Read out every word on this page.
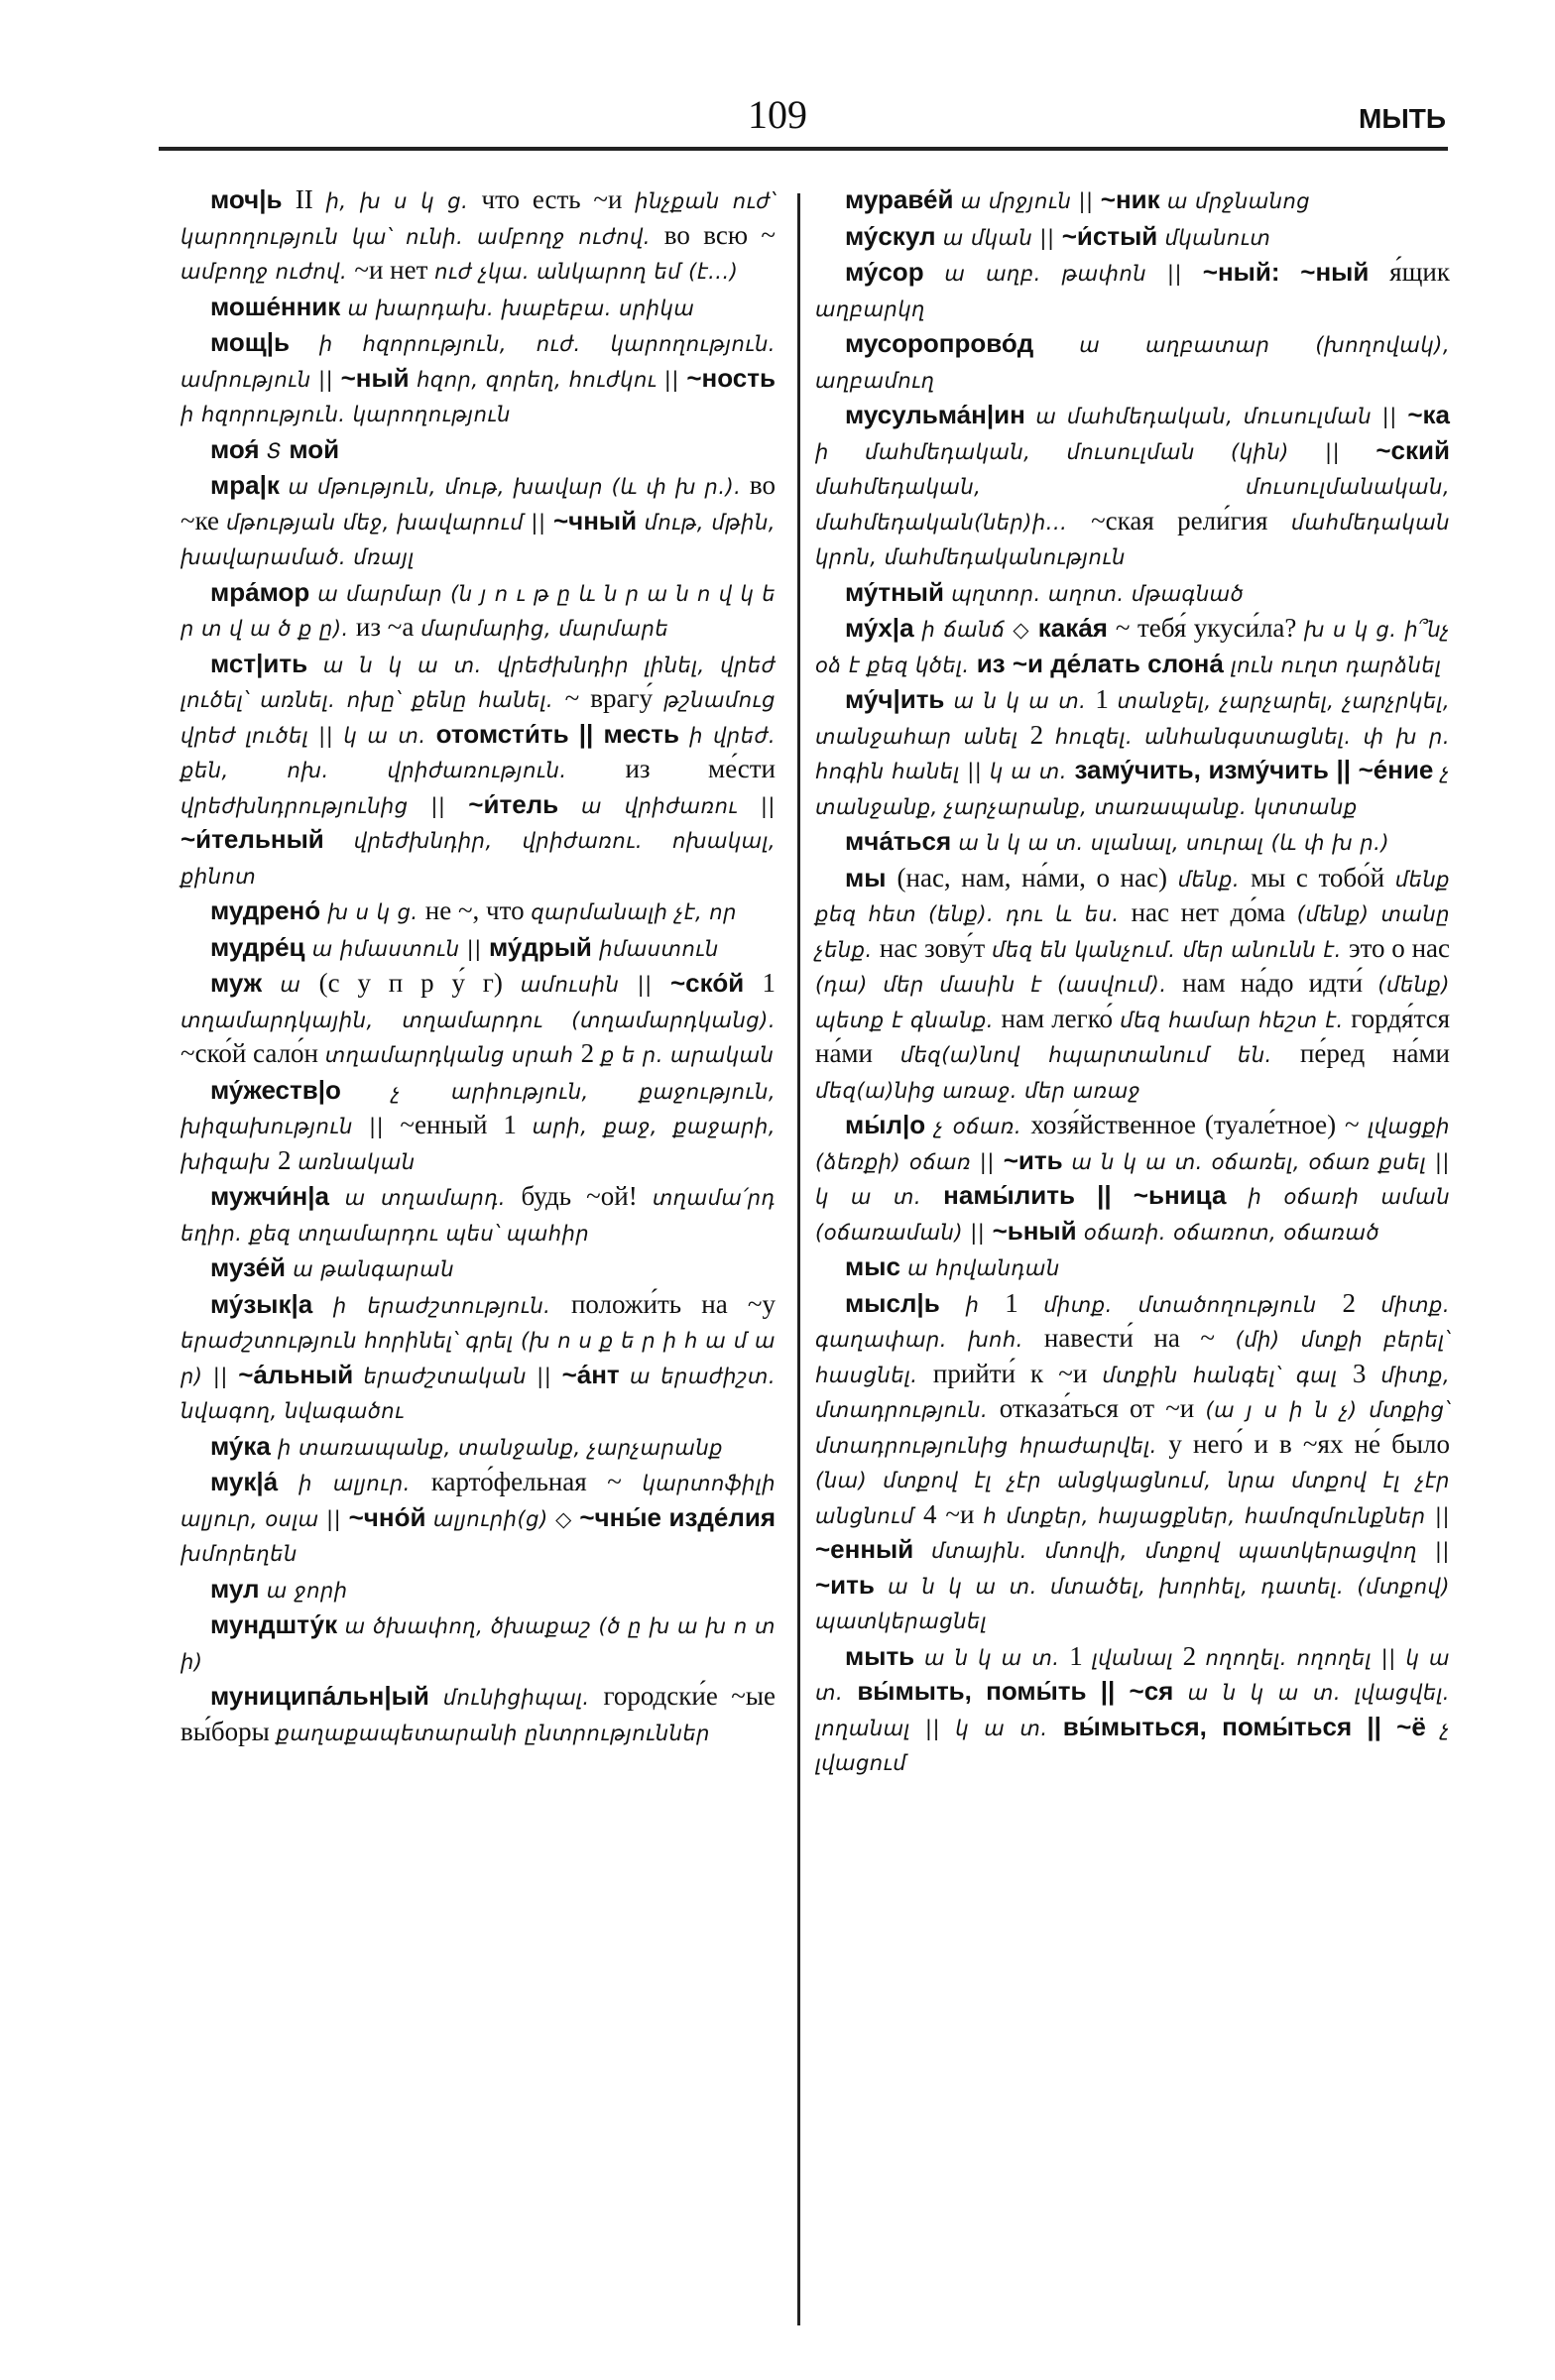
109	МЫТЬ

моч|ь II ի, խ ս կ ց. что есть ~и ինչքան ուժ՝ կարողություն կա՝ ունի. ամբողջ ուժով. во всю ~ ամբողջ ուժով. ~и нет ուժ չկա. անկարող եմ (է...)

моше́нник ա խարդախ. խաբեբա. սրիկա

мощ|ь ի հզորություն, ուժ. կարողություն. ամրություն || ~ный հզոր, զորեղ, հուժկու || ~ность ի հզորություն. կարողություն

моя́ Տ мой

мра|к ա մթություն, մութ, խավար (և փ խ ր.). во ~ке մթության մեջ, խավարում || ~чный մութ, մթին, խավարամած. մռայլ

мра́мор ա մարմար (ն յ ո ւ թ ը և ն ր ա ն ո վ կ ե ր տ վ ա ծ ք ը). из ~а մարմարից, մարմարե

мст|ить ա ն կ ա տ. վրեժխնդիր լինել, վրեժ լուծել՝ առնել. ոխը՝ քենը հանել. ~ врагу́ թշնամուց վրեժ լուծել || կ ա տ. отомсти́ть || месть ի վրեժ. քեն, ոխ. վրիժառություն. из ме́сти վրեժխնդրությունից || ~и́тель ա վրիժառու || ~и́тельный վրեժխնդիր, վրիժառու. ոխակալ, քինոտ

мудрено́ խ ս կ ց. не ~, что զարմանալի չէ, որ

мудре́ц ա իմաստուն || му́дрый իմաստուն

муж ա (с у п р у́ г) ամուսին || ~ско́й 1 տղամարդկային, տղամարդու (տղամարդկանց). ~ско́й сало́н տղամարդկանց սրահ 2 ք ե ր. արական

му́жеств|о չ արիություն, քաջություն, խիզախություն || ~енный 1 արի, քաջ, քաջարի, խիզախ 2 առնական

мужчи́н|а ա տղամարդ. будь ~ой! տղամա՛րդ եղիր. քեզ տղամարդու պես՝ պահիր

музе́й ա թանգարան

му́зык|а ի երաժշտություն. положи́ть на ~у երաժշտություն հորինել՝ գրել (խ ո ս ք ե ր ի հ ա մ ա ր) || ~а́льный երաժշտական || ~а́нт ա երաժիշտ. նվագող, նվագածու

му́ка ի տառապանք, տանջանք, չարչարանք

мук|а́ ի ալյուր. карто́фельная ~ կարտոֆիլի ալյուր, օսլա || ~чно́й ալյուրի(ց) ◇ ~чны́е изде́лия խմորեղեն

мул ա ջորի

мундшту́к ա ծխափող, ծխաքաշ (ծ ը խ ա խ ո տ ի)

муниципа́льн|ый մունիցիպալ. городски́е ~ые вы́боры քաղաքապետարանի ընտրություններ

мураве́й ա մրջյուն || ~ник ա մրջնանոց

му́скул ա մկան || ~и́стый մկանուտ

му́сор ա աղբ. թափոն || ~ный: ~ный я́щик աղբարկղ

мусоропрово́д ա աղբատար (խողովակ), աղբամուղ

мусульма́н|ин ա մահմեդական, մուսուլման || ~ка ի մահմեդական, մուսուլման (կին) || ~ский մահմեդական, մուսուլմանական, մահմեդական(ներ)ի... ~ская рели́гия մահմեդական կրոն, մահմեդականություն

му́тный պղտոր. աղոտ. մթագնած

му́х|а ի ճանճ ◇ кака́я ~ тебя́ укуси́ла? խ ս կ ց. ի՞նչ օձ է քեզ կծել. из ~и де́лать слона́ լուն ուղտ դարձնել

му́ч|ить ա ն կ ա տ. 1 տանջել, չարչարել, չարչրկել, տանջահար անել 2 հուզել. անհանգստացնել. փ խ ր. հոգին հանել || կ ա տ. заму́чить, изму́чить || ~е́ние չ տանջանք, չարչարանք, տառապանք. կտտանք

мча́ться ա ն կ ա տ. սլանալ, սուրալ (և փ խ ր.)

мы (нас, нам, на́ми, о нас) մենք. мы с тобо́й մենք քեզ հետ (ենք). դու և ես. нас нет до́ма (մենք) տանը չենք. нас зову́т մեզ են կանչում. մեր անունն է. это о нас (դա) մեր մասին է (ասվում). нам на́до идти́ (մենք) պետք է գնանք. нам легко́ մեզ համար հեշտ է. гордя́тся на́ми մեզ(ա)նով հպարտանում են. пе́ред на́ми մեզ(ա)նից առաջ. մեր առաջ

мы́л|о չ օճառ. хозя́йственное (туале́тное) ~ լվացքի (ձեռքի) օճառ || ~ить ա ն կ ա տ. օճառել, օճառ քսել || կ ա տ. намы́лить || ~ьница ի օճառի աման (օճառաման) || ~ьный օճառի. օճառոտ, օճառած

мыс ա հրվանդան

мысл|ь ի 1 միտք. մտածողություն 2 միտք. գաղափար. խոհ. навести́ на ~ (մի) մտքի բերել՝ հասցնել. прийти́ к ~и մտքին հանգել՝ գալ 3 միտք, մտադրություն. отказа́ться от ~и (ա յ ս ի ն չ) մտքից՝ մտադրությունից հրաժարվել. у него́ и в ~ях не́ было (նա) մտքով էլ չէր անցկացնում, նրա մտքով էլ չէր անցնում 4 ~и հ մտքեր, հայացքներ, համոզմունքներ || ~енный մտային. մտովի, մտքով պատկերացվող || ~ить ա ն կ ա տ. մտածել, խորհել, դատել. (մտքով) պատկերացնել

мыть ա ն կ ա տ. 1 լվանալ 2 ողողել. ողողել || կ ա տ. вы́мыть, помы́ть || ~ся ա ն կ ա տ. լվացվել. լողանալ || կ ա տ. вы́мыться, помы́ться || ~ё չ լվացում
